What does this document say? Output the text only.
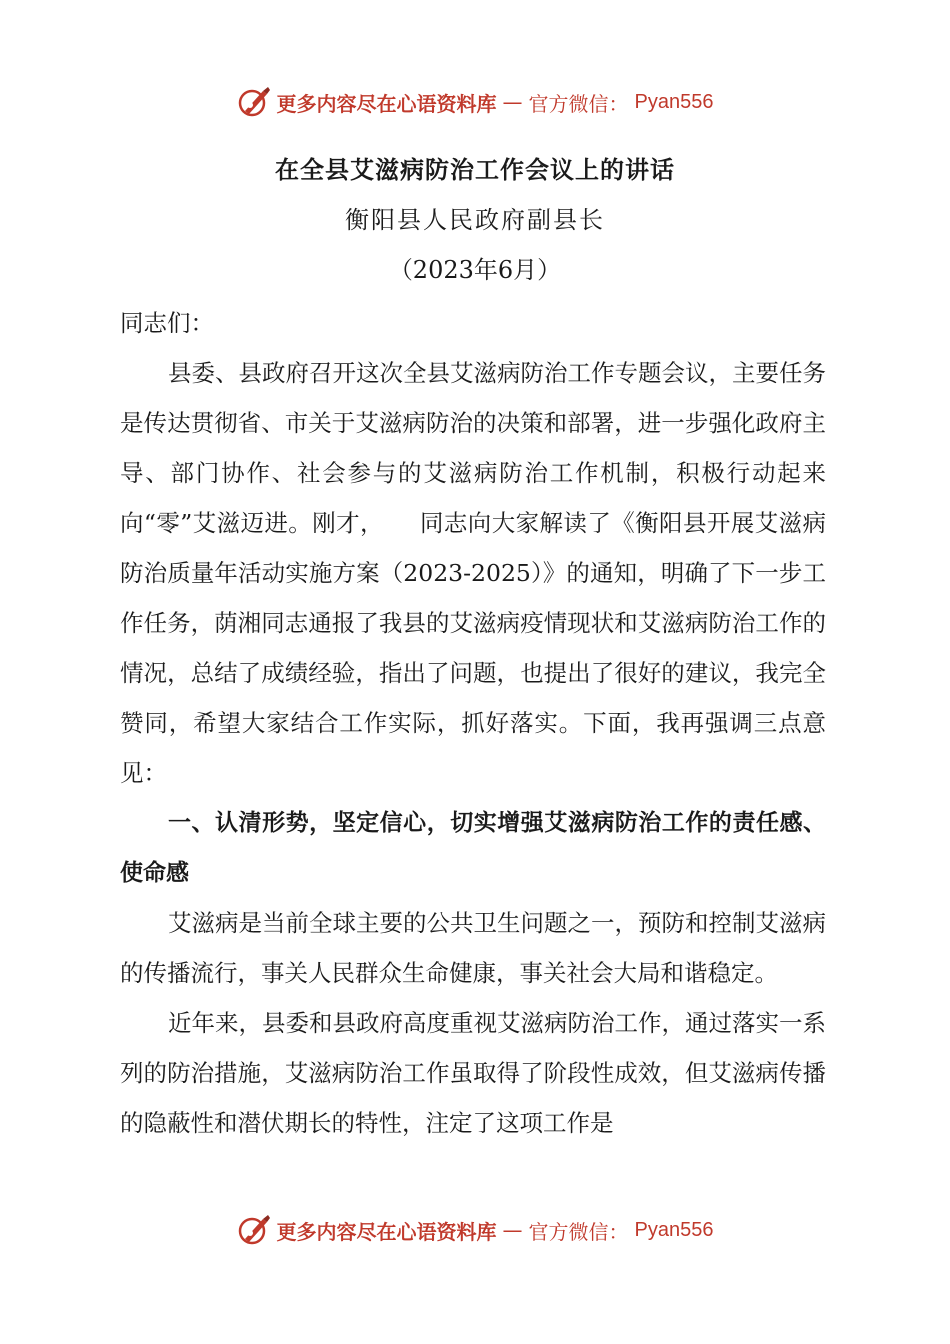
更多内容尽在心语资料库 — 官方微信： Pyan556
在全县艾滋病防治工作会议上的讲话
衡阳县人民政府副县长
（2023年6月）

同志们：

县委、县政府召开这次全县艾滋病防治工作专题会议，主要任务是传达贯彻省、市关于艾滋病防治的决策和部署，进一步强化政府主导、部门协作、社会参与的艾滋病防治工作机制，积极行动起来向“零”艾滋迈进。刚才，　　同志向大家解读了《衡阳县开展艾滋病防治质量年活动实施方案（2023-2025）》的通知，明确了下一步工作任务，荫湘同志通报了我县的艾滋病疫情现状和艾滋病防治工作的情况，总结了成绩经验，指出了问题，也提出了很好的建议，我完全赞同，希望大家结合工作实际，抓好落实。下面，我再强调三点意见：

一、认清形势，坚定信心，切实增强艾滋病防治工作的责任感、使命感

艾滋病是当前全球主要的公共卫生问题之一，预防和控制艾滋病的传播流行，事关人民群众生命健康，事关社会大局和谐稳定。

近年来，县委和县政府高度重视艾滋病防治工作，通过落实一系列的防治措施，艾滋病防治工作虽取得了阶段性成效，但艾滋病传播的隐蔽性和潜伏期长的特性，注定了这项工作是

更多内容尽在心语资料库 — 官方微信： Pyan556
